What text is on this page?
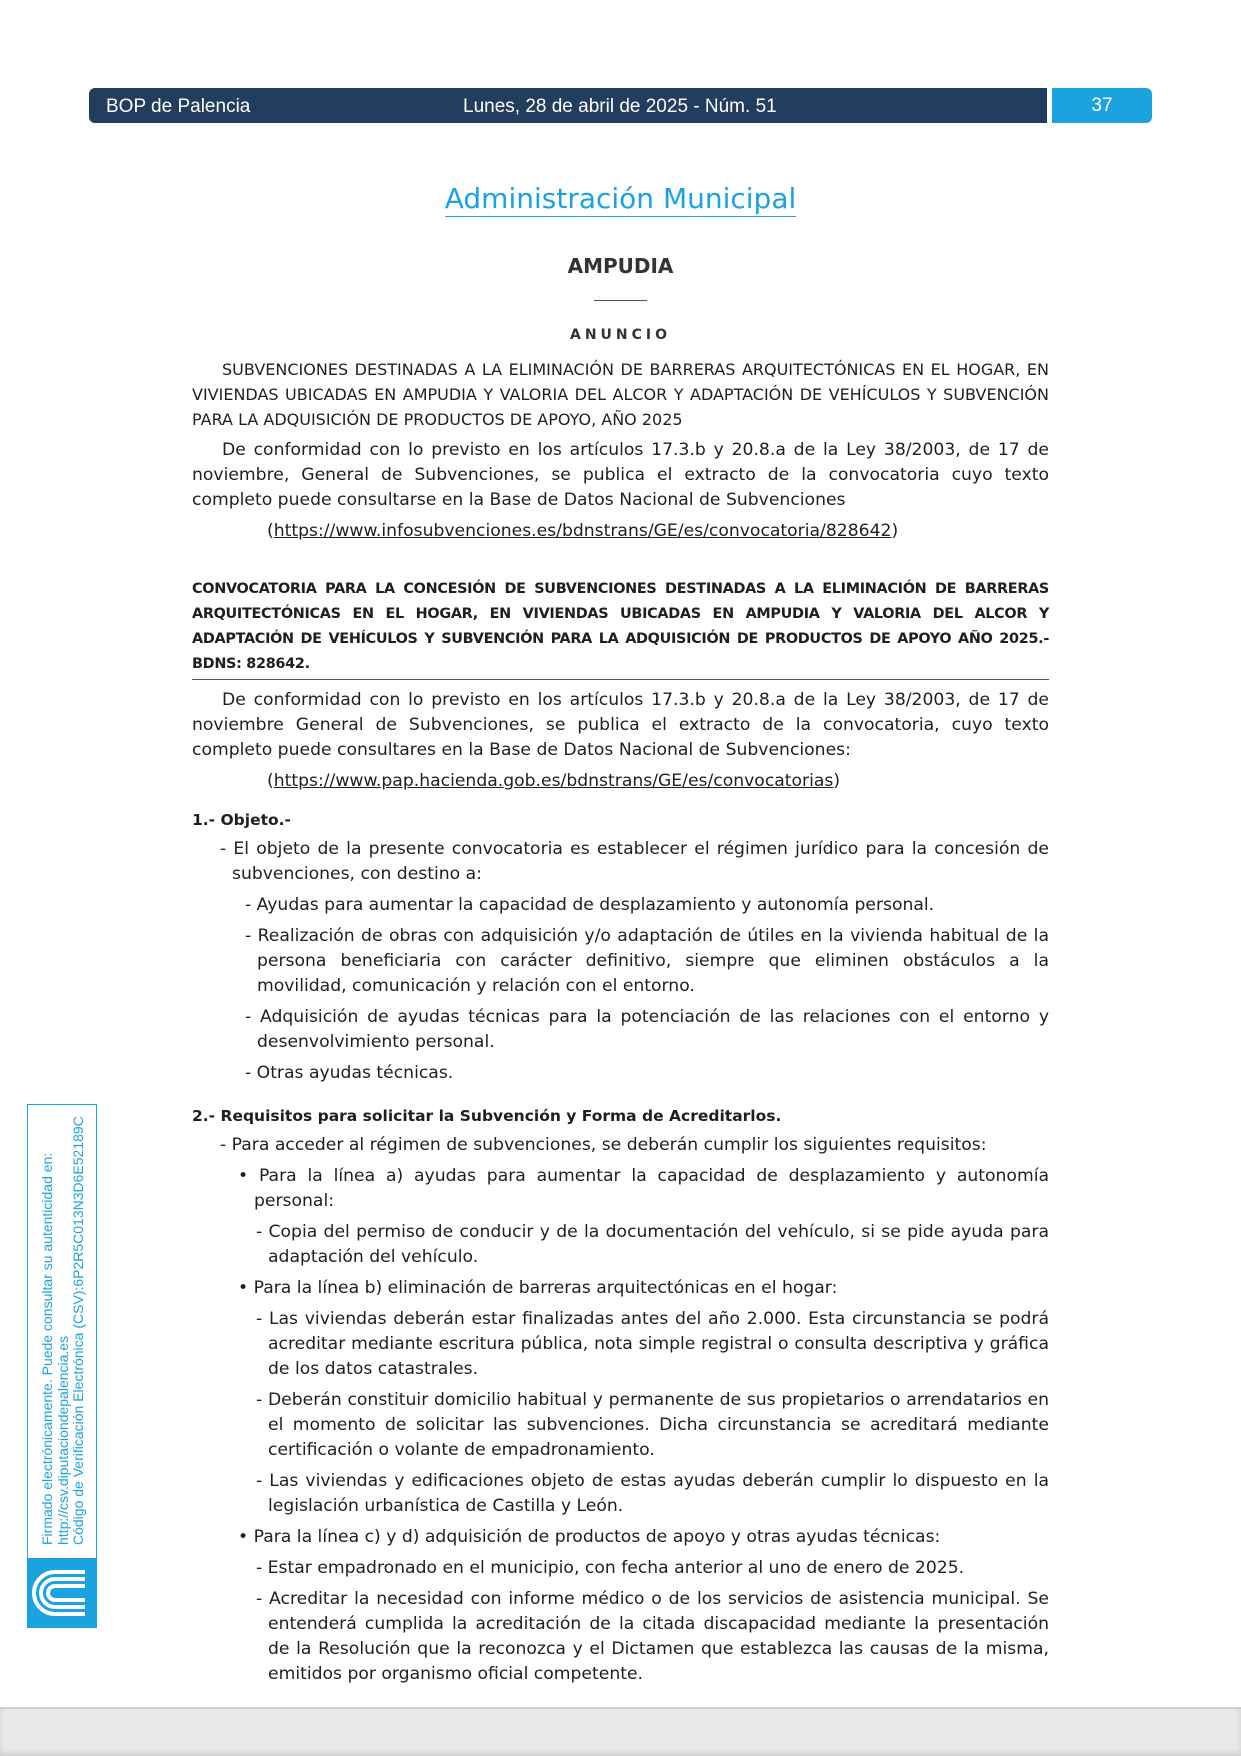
BOP de Palencia	Lunes, 28 de abril de 2025 - Núm. 51	37
Administración Municipal
AMPUDIA
ANUNCIO

SUBVENCIONES DESTINADAS A LA ELIMINACIÓN DE BARRERAS ARQUITECTÓNICAS EN EL HOGAR, EN VIVIENDAS UBICADAS EN AMPUDIA Y VALORIA DEL ALCOR Y ADAPTACIÓN DE VEHÍCULOS Y SUBVENCIÓN PARA LA ADQUISICIÓN DE PRODUCTOS DE APOYO, AÑO 2025

De conformidad con lo previsto en los artículos 17.3.b y 20.8.a de la Ley 38/2003, de 17 de noviembre, General de Subvenciones, se publica el extracto de la convocatoria cuyo texto completo puede consultarse en la Base de Datos Nacional de Subvenciones

(https://www.infosubvenciones.es/bdnstrans/GE/es/convocatoria/828642)

CONVOCATORIA PARA LA CONCESIÓN DE SUBVENCIONES DESTINADAS A LA ELIMINACIÓN DE BARRERAS ARQUITECTÓNICAS EN EL HOGAR, EN VIVIENDAS UBICADAS EN AMPUDIA Y VALORIA DEL ALCOR Y ADAPTACIÓN DE VEHÍCULOS Y SUBVENCIÓN PARA LA ADQUISICIÓN DE PRODUCTOS DE APOYO AÑO 2025.- BDNS: 828642.

De conformidad con lo previsto en los artículos 17.3.b y 20.8.a de la Ley 38/2003, de 17 de noviembre General de Subvenciones, se publica el extracto de la convocatoria, cuyo texto completo puede consultares en la Base de Datos Nacional de Subvenciones:

(https://www.pap.hacienda.gob.es/bdnstrans/GE/es/convocatorias)

1.- Objeto.-

- El objeto de la presente convocatoria es establecer el régimen jurídico para la concesión de subvenciones, con destino a:

- Ayudas para aumentar la capacidad de desplazamiento y autonomía personal.

- Realización de obras con adquisición y/o adaptación de útiles en la vivienda habitual de la persona beneficiaria con carácter definitivo, siempre que eliminen obstáculos a la movilidad, comunicación y relación con el entorno.

- Adquisición de ayudas técnicas para la potenciación de las relaciones con el entorno y desenvolvimiento personal.

- Otras ayudas técnicas.

2.- Requisitos para solicitar la Subvención y Forma de Acreditarlos.

- Para acceder al régimen de subvenciones, se deberán cumplir los siguientes requisitos:

• Para la línea a) ayudas para aumentar la capacidad de desplazamiento y autonomía personal:

- Copia del permiso de conducir y de la documentación del vehículo, si se pide ayuda para adaptación del vehículo.

• Para la línea b) eliminación de barreras arquitectónicas en el hogar:

- Las viviendas deberán estar finalizadas antes del año 2.000. Esta circunstancia se podrá acreditar mediante escritura pública, nota simple registral o consulta descriptiva y gráfica de los datos catastrales.

- Deberán constituir domicilio habitual y permanente de sus propietarios o arrendatarios en el momento de solicitar las subvenciones. Dicha circunstancia se acreditará mediante certificación o volante de empadronamiento.

- Las viviendas y edificaciones objeto de estas ayudas deberán cumplir lo dispuesto en la legislación urbanística de Castilla y León.

• Para la línea c) y d) adquisición de productos de apoyo y otras ayudas técnicas:

- Estar empadronado en el municipio, con fecha anterior al uno de enero de 2025.

- Acreditar la necesidad con informe médico o de los servicios de asistencia municipal. Se entenderá cumplida la acreditación de la citada discapacidad mediante la presentación de la Resolución que la reconozca y el Dictamen que establezca las causas de la misma, emitidos por organismo oficial competente.

Firmado electrónicamente. Puede consultar su autenticidad en: http://csv.diputaciondepalencia.es Código de Verificación Electrónica (CSV):6P2R5C013N3D6E52189C
